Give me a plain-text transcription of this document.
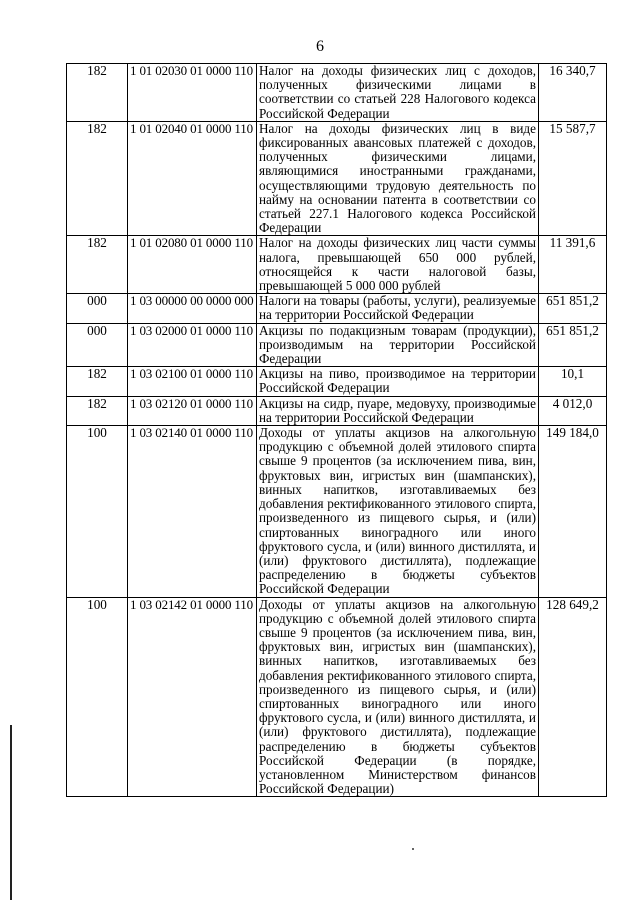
6
182	1 01 02030 01 0000 110	Налог на доходы физических лиц с доходов, полученных физическими лицами в соответствии со статьей 228 Налогового кодекса Российской Федерации	16 340,7
182	1 01 02040 01 0000 110	Налог на доходы физических лиц в виде фиксированных авансовых платежей с доходов, полученных физическими лицами, являющимися иностранными гражданами, осуществляющими трудовую деятельность по найму на основании патента в соответствии со статьей 227.1 Налогового кодекса Российской Федерации	15 587,7
182	1 01 02080 01 0000 110	Налог на доходы физических лиц части суммы налога, превышающей 650 000 рублей, относящейся к части налоговой базы, превышающей 5 000 000 рублей	11 391,6
000	1 03 00000 00 0000 000	Налоги на товары (работы, услуги), реализуемые на территории Российской Федерации	651 851,2
000	1 03 02000 01 0000 110	Акцизы по подакцизным товарам (продукции), производимым на территории Российской Федерации	651 851,2
182	1 03 02100 01 0000 110	Акцизы на пиво, производимое на территории Российской Федерации	10,1
182	1 03 02120 01 0000 110	Акцизы на сидр, пуаре, медовуху, производимые на территории Российской Федерации	4 012,0
100	1 03 02140 01 0000 110	Доходы от уплаты акцизов на алкогольную продукцию с объемной долей этилового спирта свыше 9 процентов (за исключением пива, вин, фруктовых вин, игристых вин (шампанских), винных напитков, изготавливаемых без добавления ректификованного этилового спирта, произведенного из пищевого сырья, и (или) спиртованных виноградного или иного фруктового сусла, и (или) винного дистиллята, и (или) фруктового дистиллята), подлежащие распределению в бюджеты субъектов Российской Федерации	149 184,0
100	1 03 02142 01 0000 110	Доходы от уплаты акцизов на алкогольную продукцию с объемной долей этилового спирта свыше 9 процентов (за исключением пива, вин, фруктовых вин, игристых вин (шампанских), винных напитков, изготавливаемых без добавления ректификованного этилового спирта, произведенного из пищевого сырья, и (или) спиртованных виноградного или иного фруктового сусла, и (или) винного дистиллята, и (или) фруктового дистиллята), подлежащие распределению в бюджеты субъектов Российской Федерации (в порядке, установленном Министерством финансов Российской Федерации)	128 649,2
